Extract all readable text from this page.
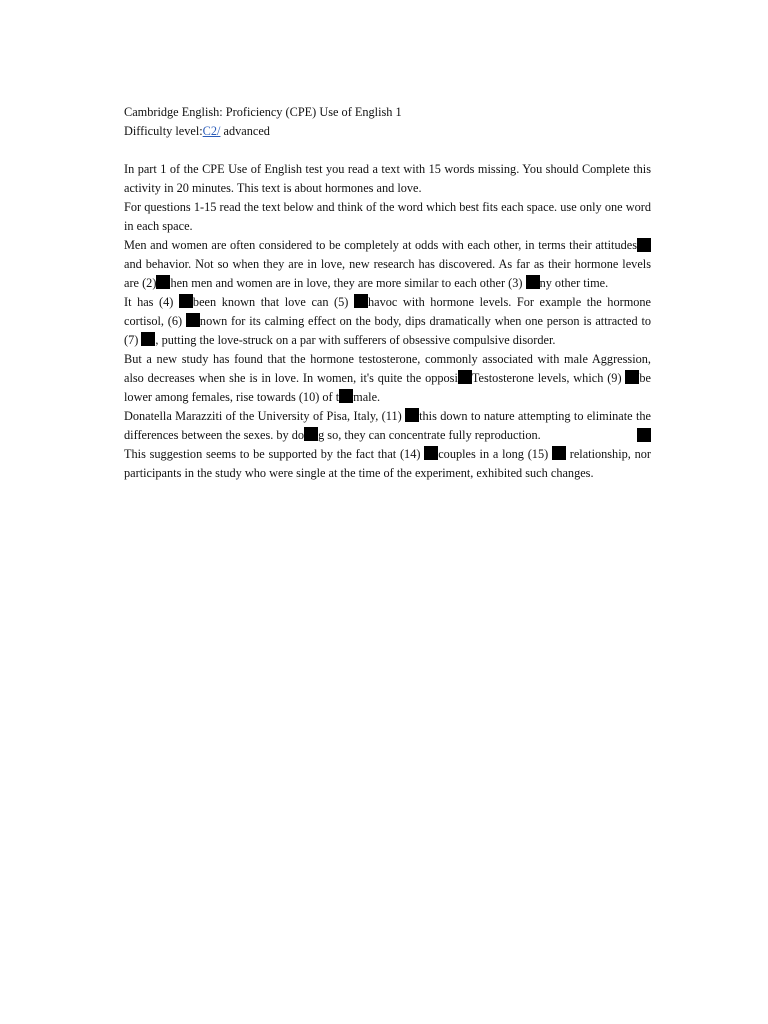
Cambridge English: Proficiency (CPE) Use of English 1
Difficulty level:C2/ advanced

In part 1 of the CPE Use of English test you read a text with 15 words missing. You should Complete this activity in 20 minutes. This text is about hormones and love.

For questions 1-15 read the text below and think of the word which best fits each space. use only one word in each space.

Men and women are often considered to be completely at odds with each other, in terms their attitudes and behavior. Not so when they are in love, new research has discovered. As far as their hormone levels are (2) hen men and women are in love, they are more similar to each other (3) ny other time.

It has (4) been known that love can (5) havoc with hormone levels. For example the hormone cortisol, (6) nown for its calming effect on the body, dips dramatically when one person is attracted to (7) , putting the love-struck on a par with sufferers of obsessive compulsive disorder.

But a new study has found that the hormone testosterone, commonly associated with male Aggression, also decreases when she is in love. In women, it's quite the opposi Testosterone levels, which (9) be lower among females, rise towards (10) of t male.

Donatella Marazziti of the University of Pisa, Italy, (11) this down to nature attempting to eliminate the differences between the sexes. by do g so, they can concentrate fully reproduction.

This suggestion seems to be supported by the fact that (14) couples in a long (15) relationship, nor participants in the study who were single at the time of the experiment, exhibited such changes.
